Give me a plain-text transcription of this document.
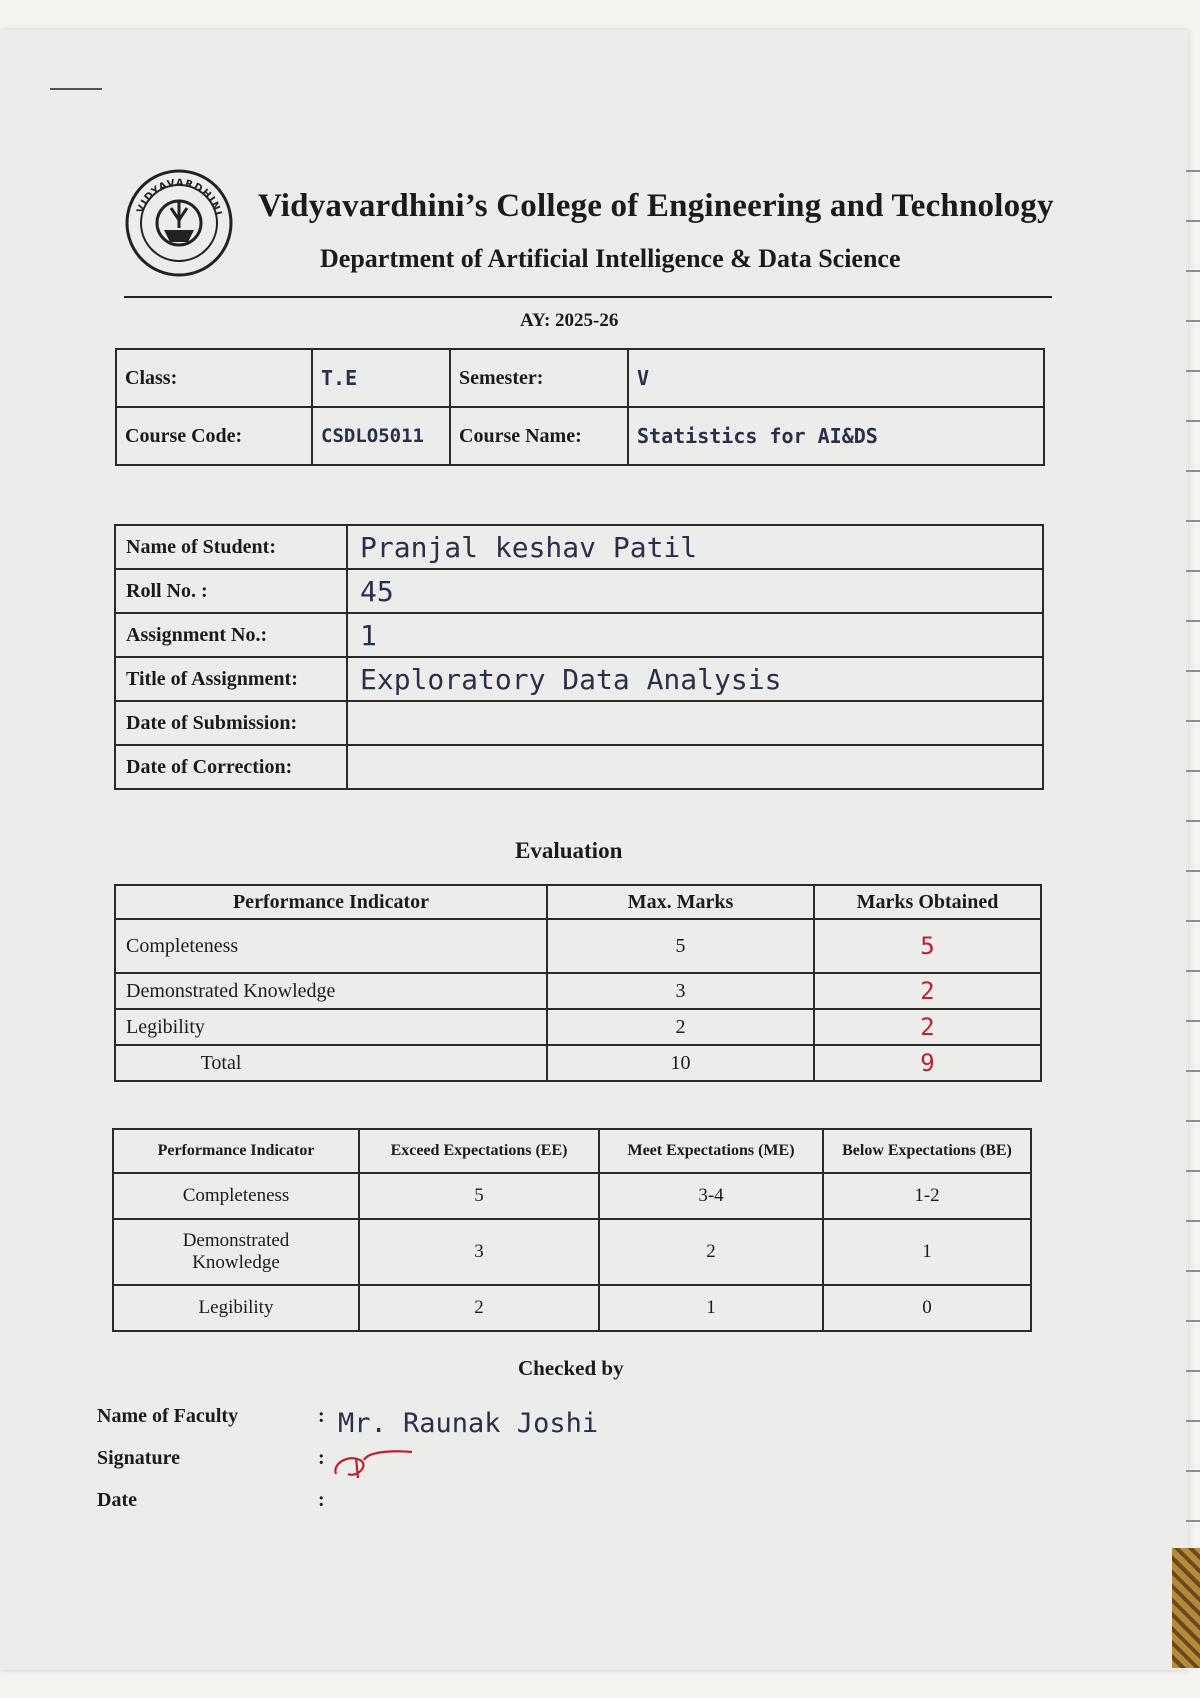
VIDYAVARDHINI Vidyavardhini’s College of Engineering and Technology
Department of Artificial Intelligence & Data Science
AY: 2025-26
Class:	T.E	Semester:	V
Course Code:	CSDLO5011	Course Name:	Statistics for AI&DS
Name of Student:	Pranjal keshav Patil
Roll No. :	45
Assignment No.:	1
Title of Assignment:	Exploratory Data Analysis
Date of Submission:	
Date of Correction:	
Evaluation
Performance Indicator	Max. Marks	Marks Obtained
Completeness	5	5
Demonstrated Knowledge	3	2
Legibility	2	2
Total	10	9
Performance Indicator	Exceed Expectations (EE)	Meet Expectations (ME)	Below Expectations (BE)
Completeness	5	3-4	1-2
Demonstrated Knowledge	3	2	1
Legibility	2	1	0
Checked by
Name of Faculty	: Mr. Raunak Joshi
Signature	:
Date	:
